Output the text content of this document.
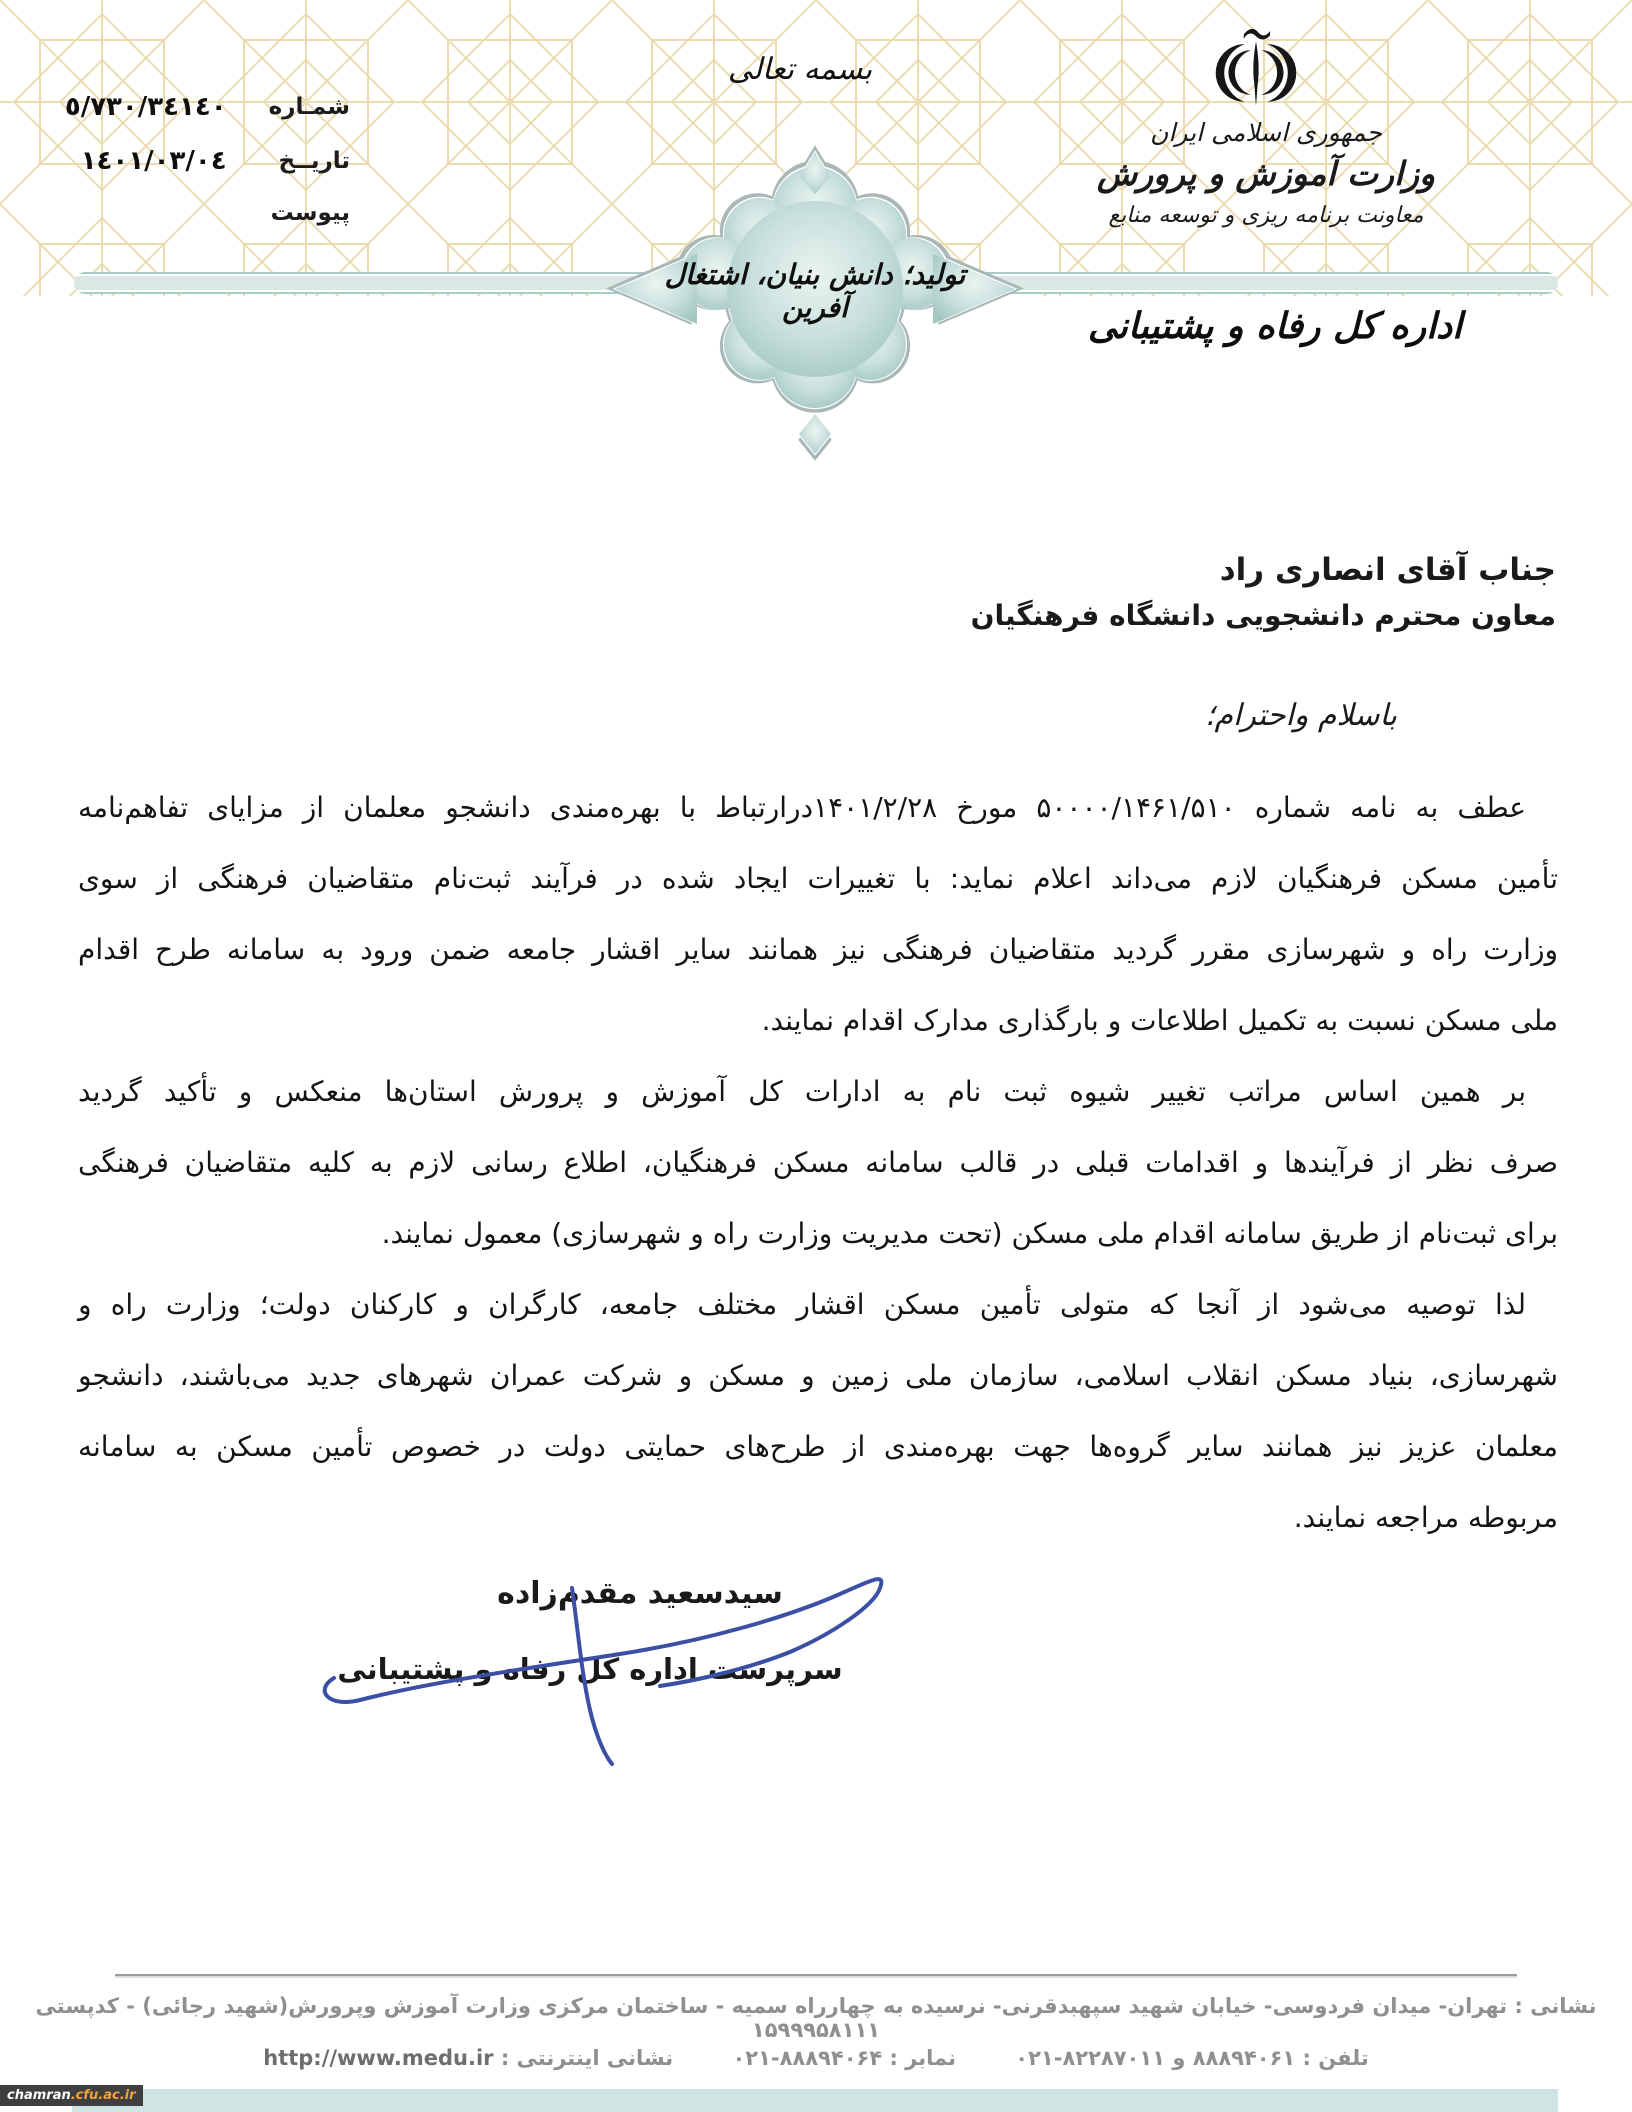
تولید؛ دانش بنیان، اشتغال آفرین
بسمه تعالی
شمـاره
۷۳۰/۳٤۱٤۰/٥
تاريــخ
۱٤۰۱/۰۳/۰٤
پيوست
جمهوری اسلامی ایران
وزارت آموزش و پرورش
معاونت برنامه ریزی و توسعه منابع
اداره کل رفاه و پشتیبانی
جناب آقای انصاری راد
معاون محترم دانشجویی دانشگاه فرهنگیان
باسلام واحترام؛
عطف به نامه شماره ۵۰۰۰۰/۱۴۶۱/۵۱۰ مورخ ۱۴۰۱/۲/۲۸درارتباط با بهره‌مندی دانشجو معلمان از مزایای تفاهم‌نامه
تأمین مسکن فرهنگیان لازم می‌داند اعلام نماید: با تغییرات ایجاد شده در فرآیند ثبت‌نام متقاضیان فرهنگی از سوی
وزارت راه و شهرسازی مقرر گردید متقاضیان فرهنگی نیز همانند سایر اقشار جامعه ضمن ورود به سامانه طرح اقدام
ملی مسکن نسبت به تکمیل اطلاعات و بارگذاری مدارک اقدام نمایند.
بر همین اساس مراتب تغییر شیوه ثبت نام به ادارات کل آموزش و پرورش استان‌ها منعکس و تأکید گردید
صرف نظر از فرآیندها و اقدامات قبلی در قالب سامانه مسکن فرهنگیان، اطلاع رسانی لازم به کلیه متقاضیان فرهنگی
برای ثبت‌نام از طریق سامانه اقدام ملی مسکن (تحت مدیریت وزارت راه و شهرسازی) معمول نمایند.
لذا توصیه می‌شود از آنجا که متولی تأمین مسکن اقشار مختلف جامعه، کارگران و کارکنان دولت؛ وزارت راه و
شهرسازی، بنیاد مسکن انقلاب اسلامی، سازمان ملی زمین و مسکن و شرکت عمران شهرهای جدید می‌باشند، دانشجو
معلمان عزیز نیز همانند سایر گروه‌ها جهت بهره‌مندی از طرح‌های حمایتی دولت در خصوص تأمین مسکن به سامانه
مربوطه مراجعه نمایند.
سیدسعید مقدم‌زاده
سرپرست اداره کل رفاه و پشتیبانی
نشانی : تهران- میدان فردوسی- خیابان شهید سپهبدقرنی- نرسیده به چهارراه سمیه - ساختمان مرکزی وزارت آموزش وپرورش(شهید رجائی) - کدپستی ۱۵۹۹۹۵۸۱۱۱
تلفن : ۸۸۸۹۴۰۶۱ و ۸۲۲۸۷۰۱۱-۰۲۱ نمابر : ۸۸۸۹۴۰۶۴-۰۲۱ نشانی اینترنتی : http://www.medu.ir
chamran.cfu.ac.ir
